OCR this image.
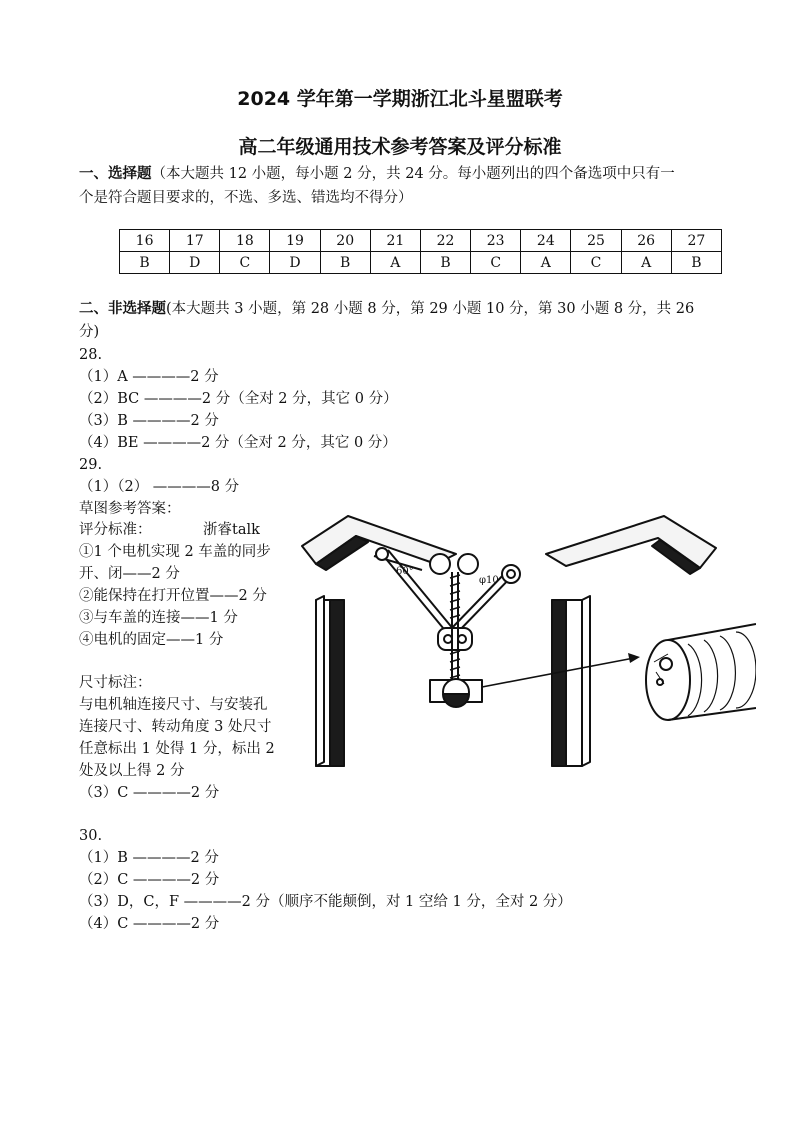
2024 学年第一学期浙江北斗星盟联考
高二年级通用技术参考答案及评分标准
一、选择题（本大题共 12 小题，每小题 2 分，共 24 分。每小题列出的四个备选项中只有一
个是符合题目要求的，不选、多选、错选均不得分）
16	17	18	19	20	21	22	23	24	25	26	27
B	D	C	D	B	A	B	C	A	C	A	B
二、非选择题(本大题共 3 小题，第 28 小题 8 分，第 29 小题 10 分，第 30 小题 8 分，共 26
分)
28.
（1）A ————2 分
（2）BC ————2 分（全对 2 分，其它 0 分）
（3）B ————2 分
（4）BE ————2 分（全对 2 分，其它 0 分）
29.
（1）（2） ————8 分
草图参考答案：
评分标准：	浙睿talk
①1 个电机实现 2 车盖的同步
开、闭——2 分
②能保持在打开位置——2 分
③与车盖的连接——1 分
④电机的固定——1 分
尺寸标注：
与电机轴连接尺寸、与安装孔
连接尺寸、转动角度 3 处尺寸
任意标出 1 处得 1 分，标出 2
处及以上得 2 分
（3）C ————2 分
60°
φ10
30.
（1）B ————2 分
（2）C ————2 分
（3）D，C，F ————2 分（顺序不能颠倒，对 1 空给 1 分，全对 2 分）
（4）C ————2 分
